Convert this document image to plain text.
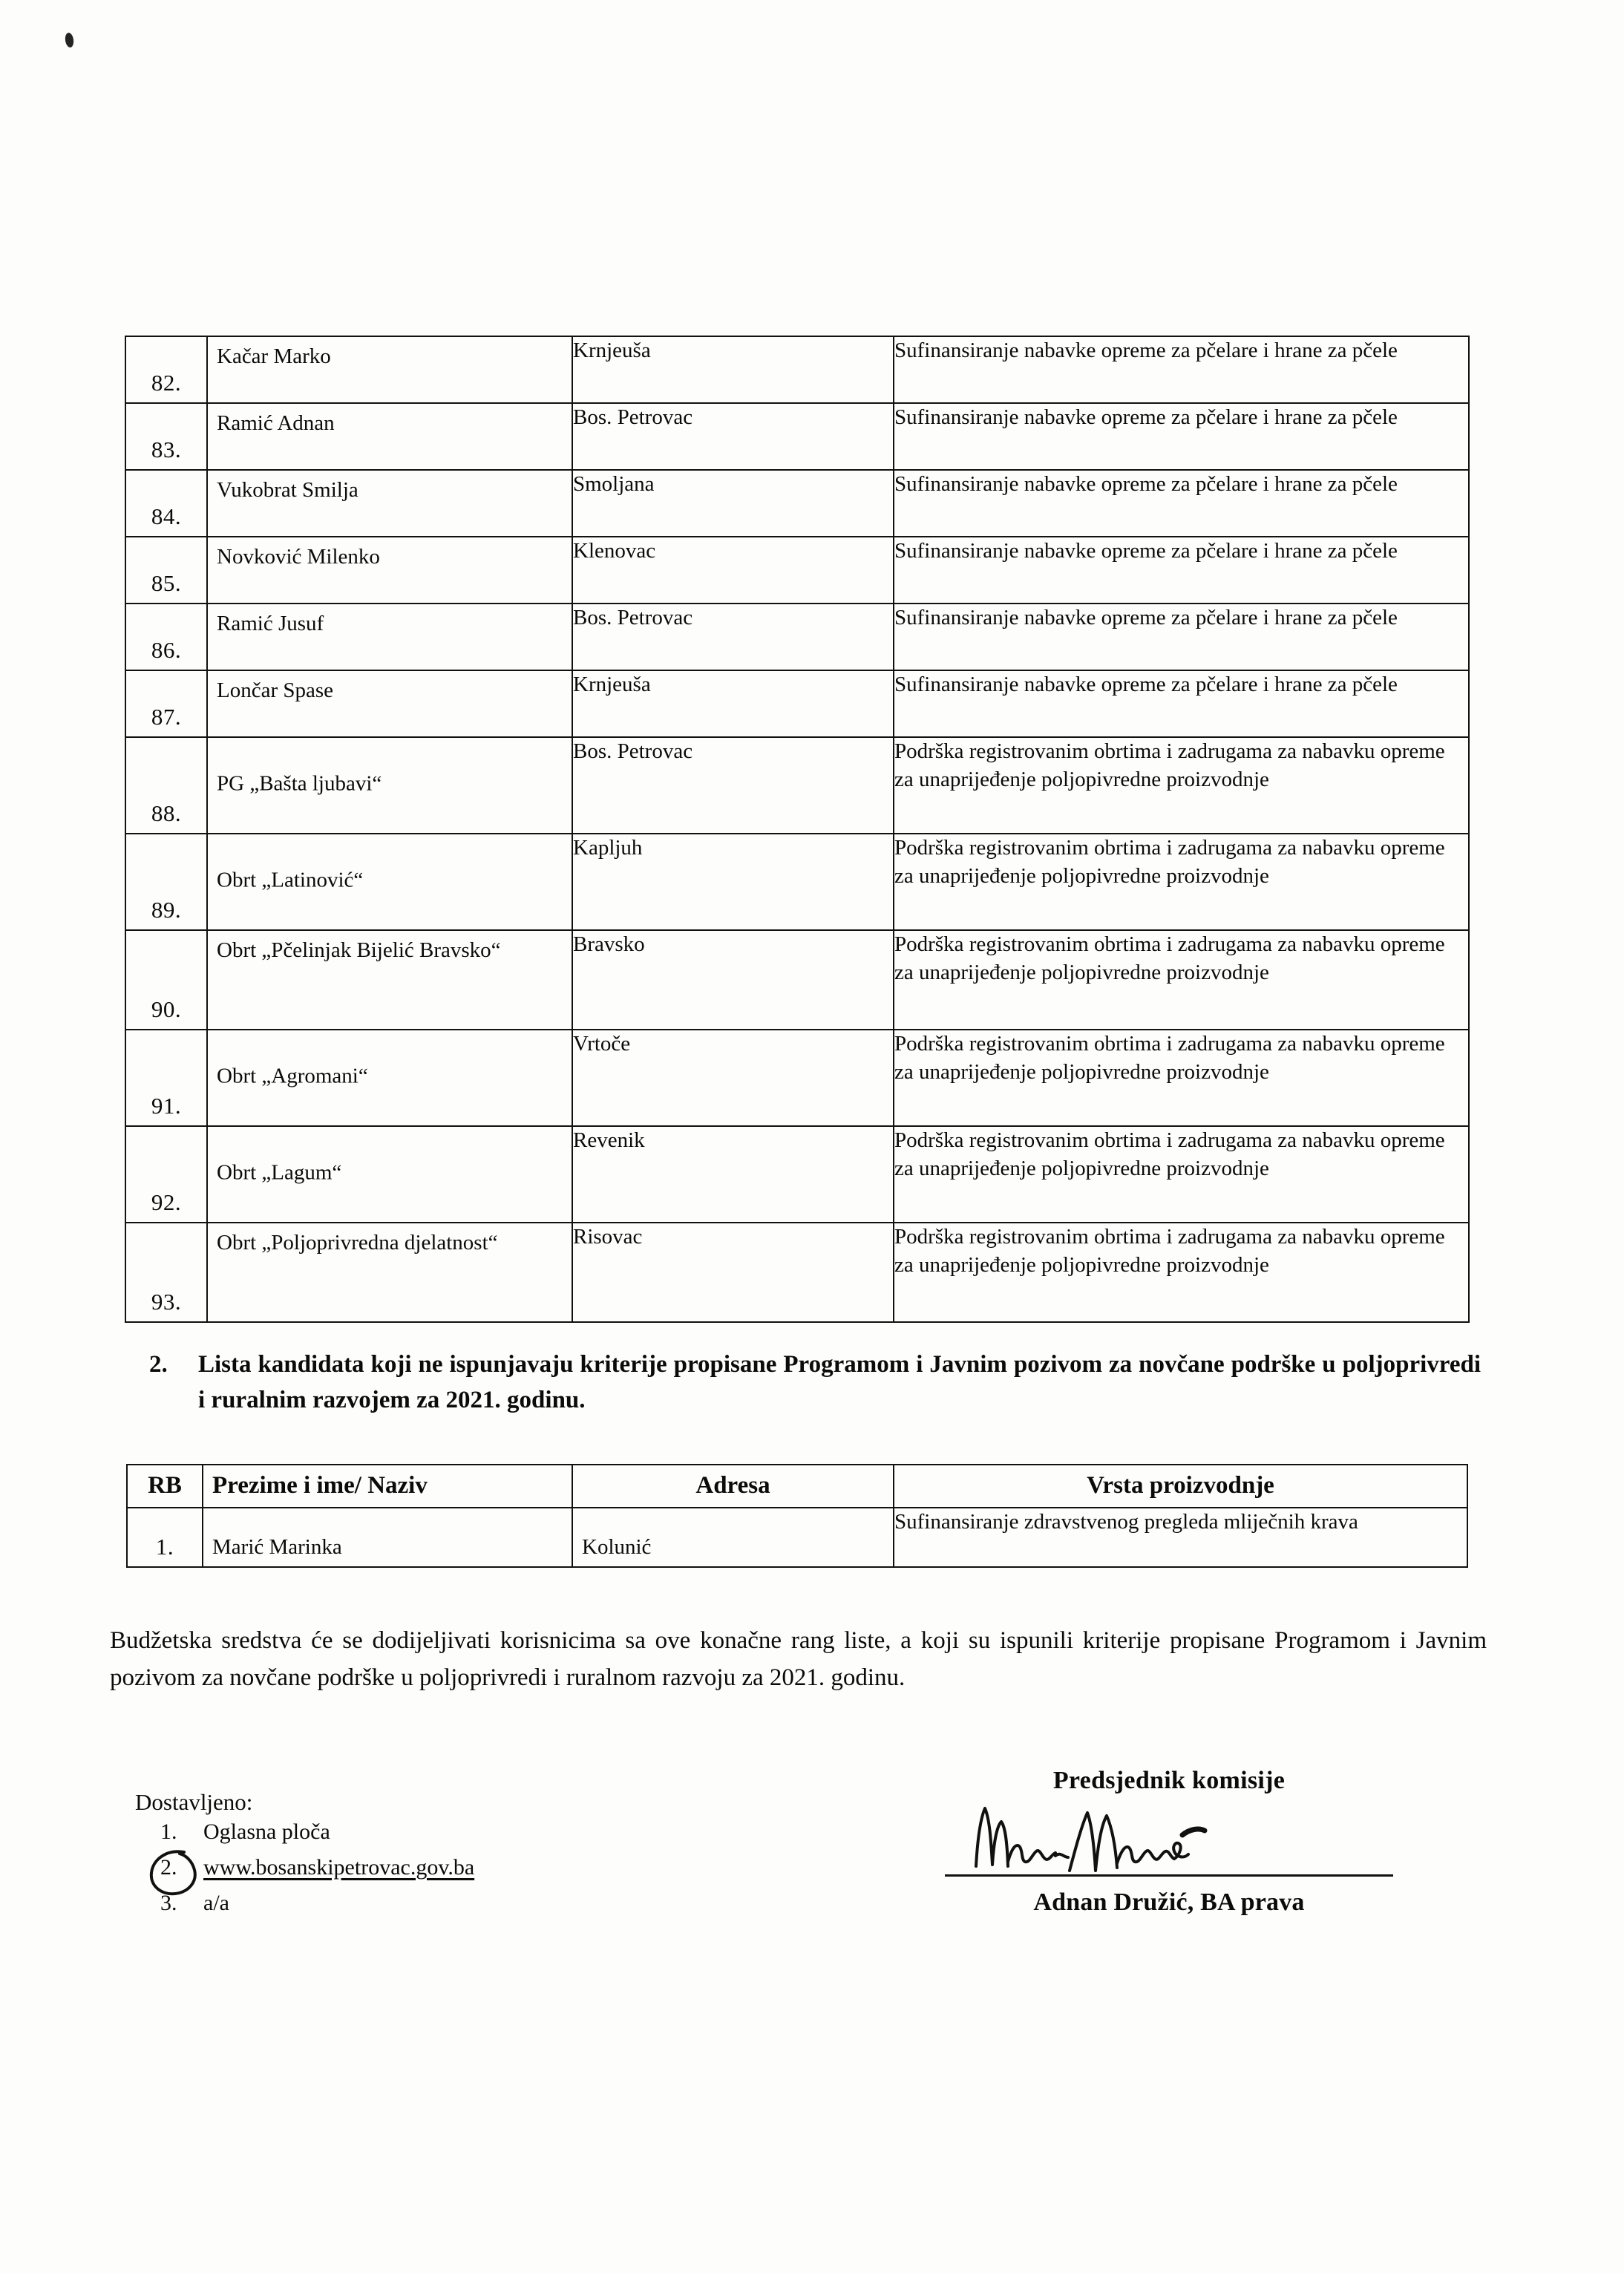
82.	Kačar Marko	Krnjeuša	Sufinansiranje nabavke opreme za pčelare i hrane za pčele

83.	Ramić Adnan	Bos. Petrovac	Sufinansiranje nabavke opreme za pčelare i hrane za pčele

84.	Vukobrat Smilja	Smoljana	Sufinansiranje nabavke opreme za pčelare i hrane za pčele

85.	Novković Milenko	Klenovac	Sufinansiranje nabavke opreme za pčelare i hrane za pčele

86.	Ramić Jusuf	Bos. Petrovac	Sufinansiranje nabavke opreme za pčelare i hrane za pčele

87.	Lončar Spase	Krnjeuša	Sufinansiranje nabavke opreme za pčelare i hrane za pčele

88.	PG „Bašta ljubavi“	Bos. Petrovac	Podrška registrovanim obrtima i zadrugama za nabavku opreme za unaprijeđenje poljopivredne proizvodnje

89.	Obrt „Latinović“	Kapljuh	Podrška registrovanim obrtima i zadrugama za nabavku opreme za unaprijeđenje poljopivredne proizvodnje

90.	Obrt „Pčelinjak Bijelić Bravsko“	Bravsko	Podrška registrovanim obrtima i zadrugama za nabavku opreme za unaprijeđenje poljopivredne proizvodnje

91.	Obrt „Agromani“	Vrtoče	Podrška registrovanim obrtima i zadrugama za nabavku opreme za unaprijeđenje poljopivredne proizvodnje

92.	Obrt „Lagum“	Revenik	Podrška registrovanim obrtima i zadrugama za nabavku opreme za unaprijeđenje poljopivredne proizvodnje

93.	Obrt „Poljoprivredna djelatnost“	Risovac	Podrška registrovanim obrtima i zadrugama za nabavku opreme za unaprijeđenje poljopivredne proizvodnje
2. Lista kandidata koji ne ispunjavaju kriterije propisane Programom i Javnim pozivom za novčane podrške u poljoprivredi i ruralnim razvojem za 2021. godinu.
RB	Prezime i ime/ Naziv	Adresa	Vrsta proizvodnje

1.	Marić Marinka	Kolunić	Sufinansiranje zdravstvenog pregleda mliječnih krava

Budžetska sredstva će se dodijeljivati korisnicima sa ove konačne rang liste, a koji su ispunili kriterije propisane Programom i Javnim pozivom za novčane podrške u poljoprivredi i ruralnom razvoju za 2021. godinu.

Predsjednik komisije
Adnan Družić, BA prava
Dostavljeno:
1. Oglasna ploča
2. www.bosanskipetrovac.gov.ba
3. a/a
